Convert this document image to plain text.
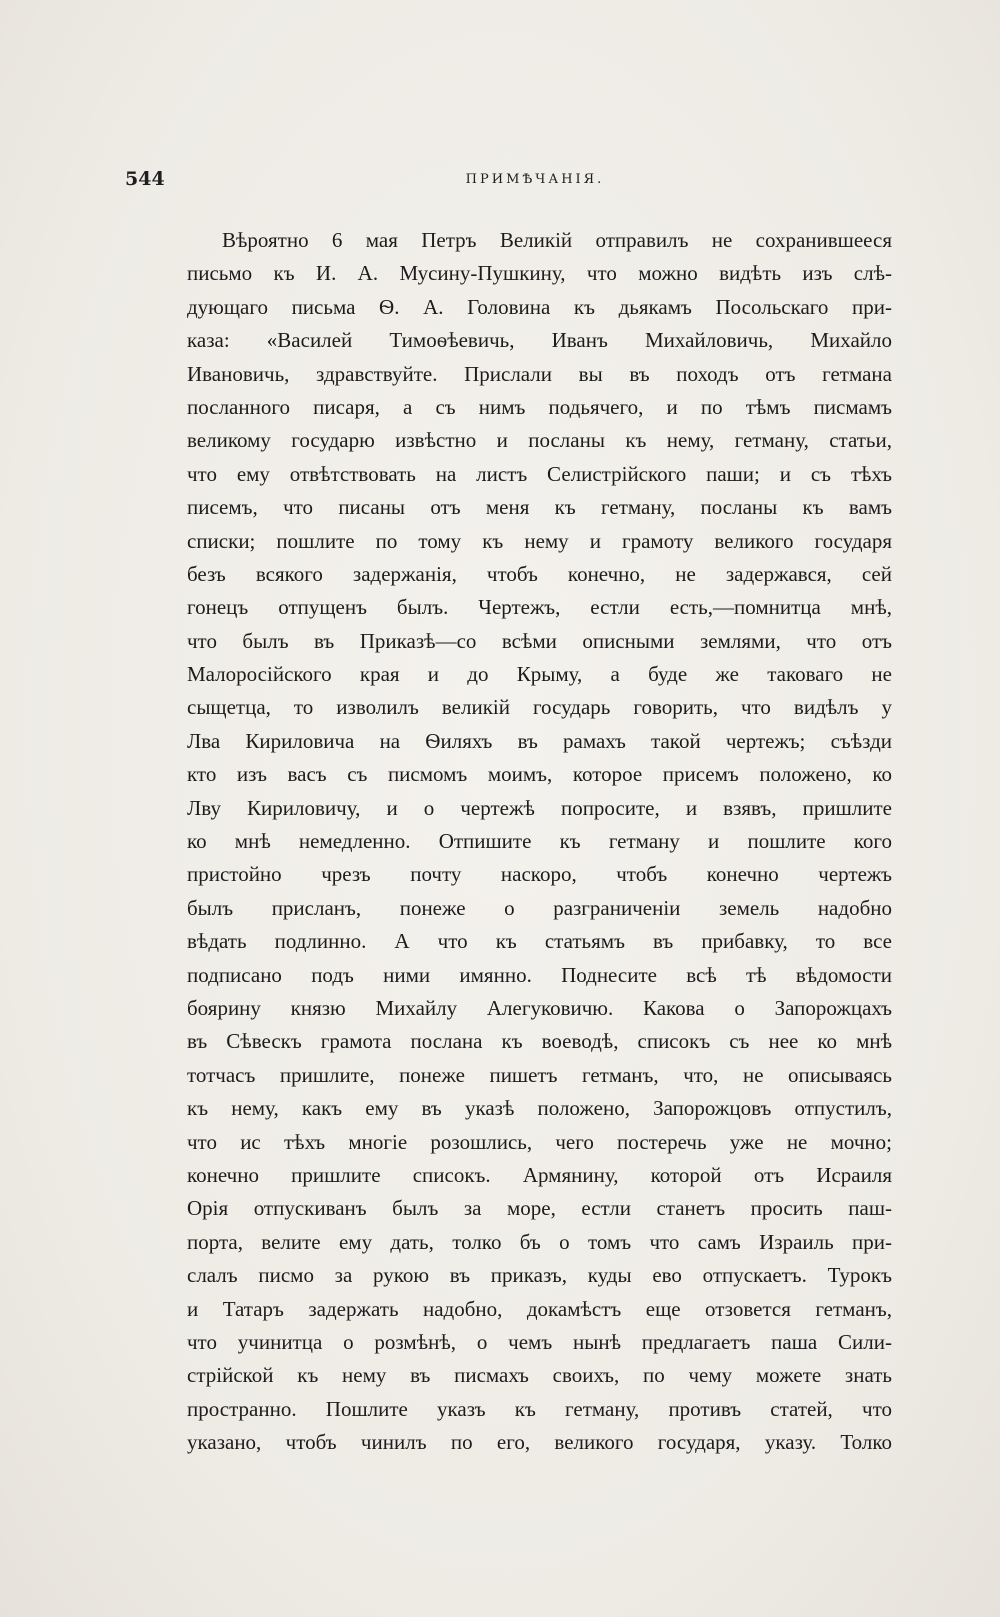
544	ПРИМѢЧАНІЯ.
Вѣроятно 6 мая Петръ Великій отправилъ не сохранившееся
письмо къ И. А. Мусину-Пушкину, что можно видѣть изъ слѣ-
дующаго письма Ѳ. А. Головина къ дьякамъ Посольскаго при-
каза: «Василей Тимоѳѣевичь, Иванъ Михайловичь, Михайло
Ивановичь, здравствуйте. Прислали вы въ походъ отъ гетмана
посланного писаря, а съ нимъ подьячего, и по тѣмъ писмамъ
великому государю извѣстно и посланы къ нему, гетману, статьи,
что ему отвѣтствовать на листъ Селистрійского паши; и съ тѣхъ
писемъ, что писаны отъ меня къ гетману, посланы къ вамъ
списки; пошлите по тому къ нему и грамоту великого государя
безъ всякого задержанія, чтобъ конечно, не задержався, сей
гонецъ отпущенъ былъ. Чертежъ, естли есть,—помнитца мнѣ,
что былъ въ Приказѣ—со всѣми описными землями, что отъ
Малоросійского края и до Крыму, а буде же таковаго не
сыщетца, то изволилъ великій государь говорить, что видѣлъ у
Лва Кириловича на Ѳиляхъ въ рамахъ такой чертежъ; съѣзди
кто изъ васъ съ писмомъ моимъ, которое присемъ положено, ко
Лву Кириловичу, и о чертежѣ попросите, и взявъ, пришлите
ко мнѣ немедленно. Отпишите къ гетману и пошлите кого
пристойно чрезъ почту наскоро, чтобъ конечно чертежъ
былъ присланъ, понеже о разграниченіи земель надобно
вѣдать подлинно. А что къ статьямъ въ прибавку, то все
подписано подъ ними имянно. Поднесите всѣ тѣ вѣдомости
боярину князю Михайлу Алегуковичю. Какова о Запорожцахъ
въ Сѣвескъ грамота послана къ воеводѣ, списокъ съ нее ко мнѣ
тотчасъ пришлите, понеже пишетъ гетманъ, что, не описываясь
къ нему, какъ ему въ указѣ положено, Запорожцовъ отпустилъ,
что ис тѣхъ многіе розошлись, чего постеречь уже не мочно;
конечно пришлите списокъ. Армянину, которой отъ Исраиля
Орія отпускиванъ былъ за море, естли станетъ просить паш-
порта, велите ему дать, толко бъ о томъ что самъ Израиль при-
слалъ писмо за рукою въ приказъ, куды ево отпускаетъ. Турокъ
и Татаръ задержать надобно, докамѣстъ еще отзовется гетманъ,
что учинитца о розмѣнѣ, о чемъ нынѣ предлагаетъ паша Сили-
стрійской къ нему въ писмахъ своихъ, по чему можете знать
пространно. Пошлите указъ къ гетману, противъ статей, что
указано, чтобъ чинилъ по его, великого государя, указу. Толко
